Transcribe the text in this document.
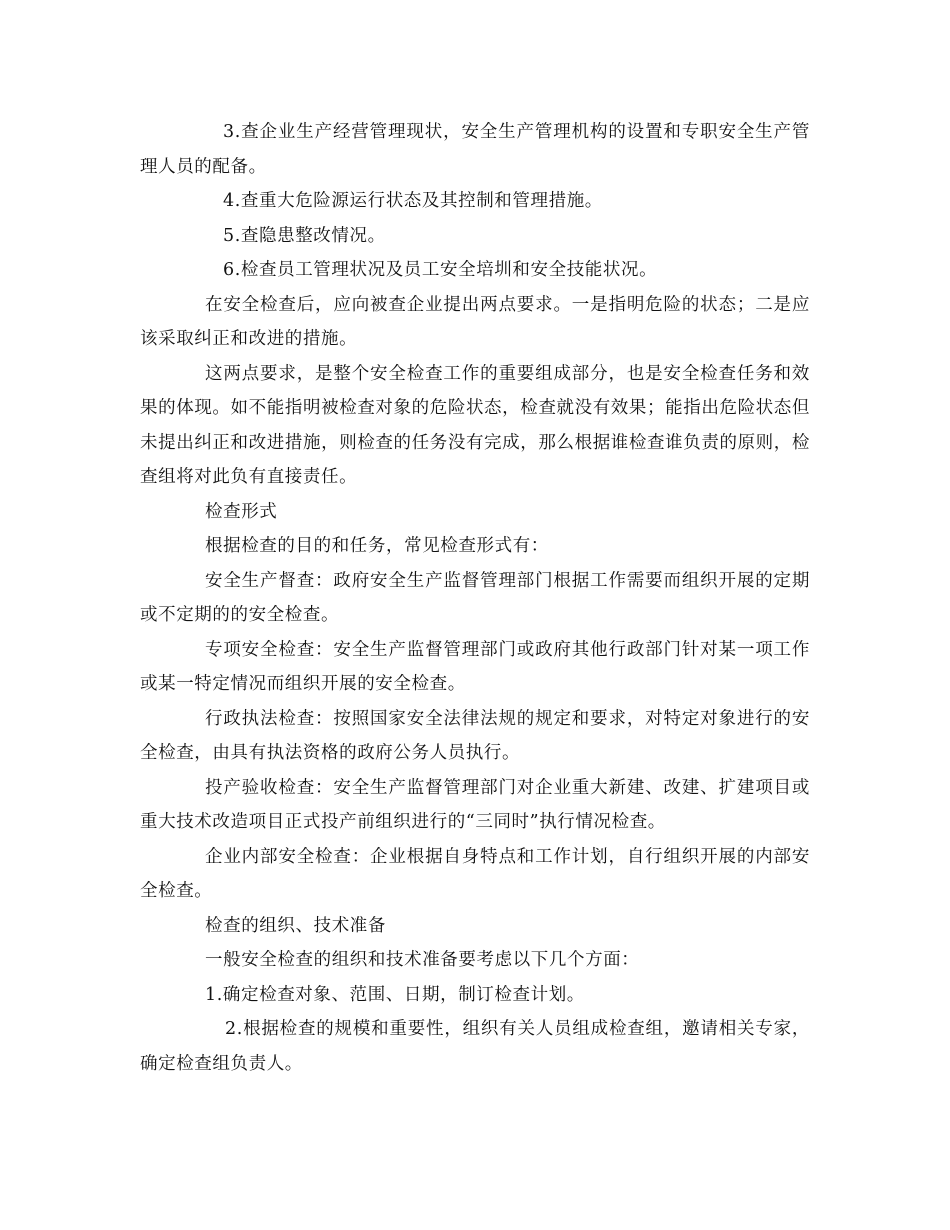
3.查企业生产经营管理现状，安全生产管理机构的设置和专职安全生产管理人员的配备。

4.查重大危险源运行状态及其控制和管理措施。

5.查隐患整改情况。

6.检查员工管理状况及员工安全培圳和安全技能状况。

在安全检查后，应向被查企业提出两点要求。一是指明危险的状态；二是应该采取纠正和改进的措施。

这两点要求，是整个安全检查工作的重要组成部分，也是安全检查任务和效果的体现。如不能指明被检查对象的危险状态，检查就没有效果；能指出危险状态但未提出纠正和改进措施，则检查的任务没有完成，那么根据谁检查谁负责的原则，检查组将对此负有直接责任。

检查形式

根据检查的目的和任务，常见检查形式有：

安全生产督查：政府安全生产监督管理部门根据工作需要而组织开展的定期或不定期的的安全检查。

专项安全检查：安全生产监督管理部门或政府其他行政部门针对某一项工作或某一特定情况而组织开展的安全检查。

行政执法检查：按照国家安全法律法规的规定和要求，对特定对象进行的安全检查，由具有执法资格的政府公务人员执行。

投产验收检查：安全生产监督管理部门对企业重大新建、改建、扩建项目或重大技术改造项目正式投产前组织进行的“三同时”执行情况检查。

企业内部安全检查：企业根据自身特点和工作计划，自行组织开展的内部安全检查。

检查的组织、技术准备

一般安全检查的组织和技术准备要考虑以下几个方面：

1.确定检查对象、范围、日期，制订检查计划。

2.根据检查的规模和重要性，组织有关人员组成检查组，邀请相关专家，确定检查组负责人。
